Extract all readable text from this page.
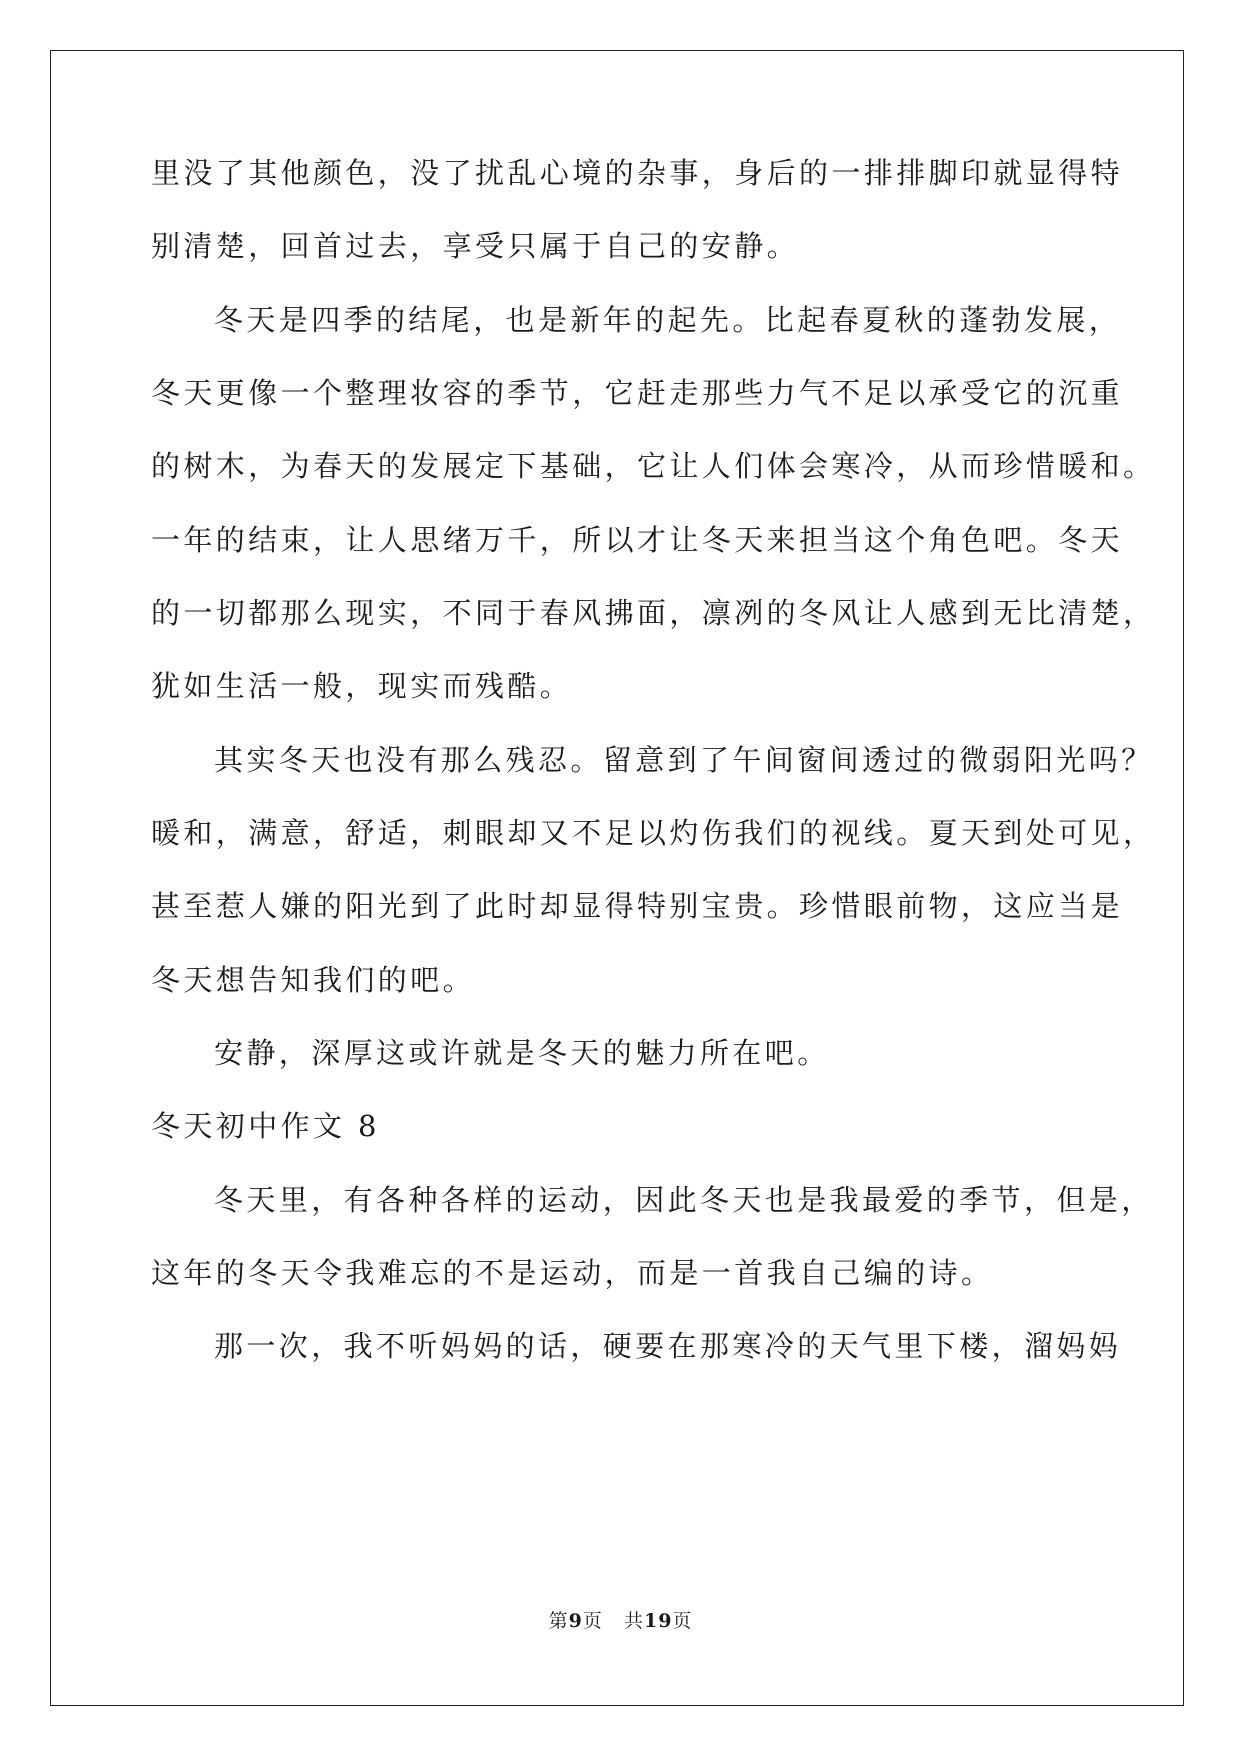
里没了其他颜色，没了扰乱心境的杂事，身后的一排排脚印就显得特
别清楚，回首过去，享受只属于自己的安静。
冬天是四季的结尾，也是新年的起先。比起春夏秋的蓬勃发展，
冬天更像一个整理妆容的季节，它赶走那些力气不足以承受它的沉重
的树木，为春天的发展定下基础，它让人们体会寒冷，从而珍惜暖和。
一年的结束，让人思绪万千，所以才让冬天来担当这个角色吧。冬天
的一切都那么现实，不同于春风拂面，凛冽的冬风让人感到无比清楚，
犹如生活一般，现实而残酷。
其实冬天也没有那么残忍。留意到了午间窗间透过的微弱阳光吗？
暖和，满意，舒适，刺眼却又不足以灼伤我们的视线。夏天到处可见，
甚至惹人嫌的阳光到了此时却显得特别宝贵。珍惜眼前物，这应当是
冬天想告知我们的吧。
安静，深厚这或许就是冬天的魅力所在吧。
冬天初中作文 8
冬天里，有各种各样的运动，因此冬天也是我最爱的季节，但是，
这年的冬天令我难忘的不是运动，而是一首我自己编的诗。
那一次，我不听妈妈的话，硬要在那寒冷的天气里下楼，溜妈妈
第9页 共19页
